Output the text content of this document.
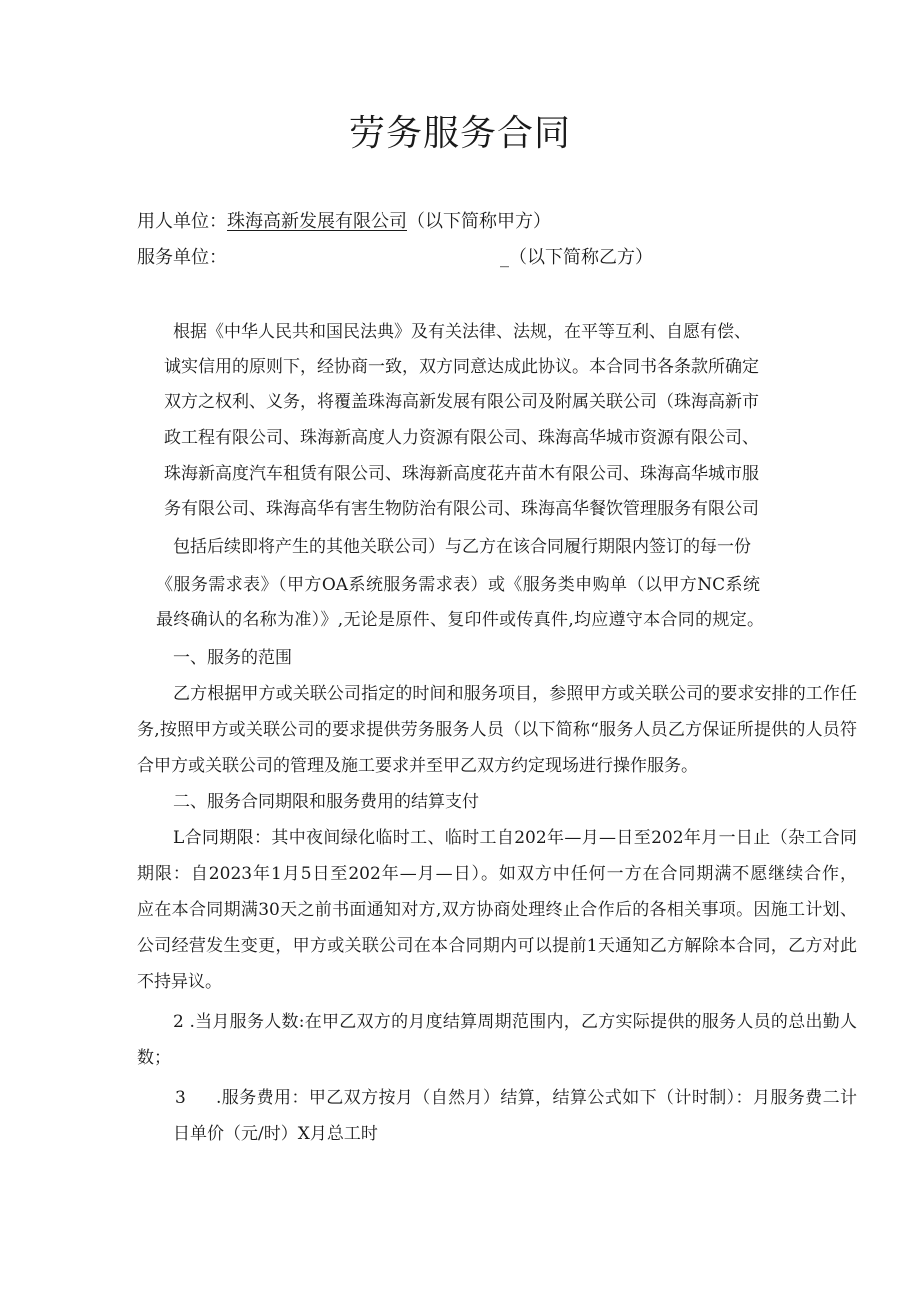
劳务服务合同
用人单位：珠海高新发展有限公司（以下简称甲方）
服务单位：	_（以下简称乙方）
根据《中华人民共和国民法典》及有关法律、法规，在平等互利、自愿有偿、
诚实信用的原则下，经协商一致，双方同意达成此协议。本合同书各条款所确定
双方之权利、义务，将覆盖珠海高新发展有限公司及附属关联公司（珠海高新市
政工程有限公司、珠海新高度人力资源有限公司、珠海高华城市资源有限公司、
珠海新高度汽车租赁有限公司、珠海新高度花卉苗木有限公司、珠海高华城市服
务有限公司、珠海高华有害生物防治有限公司、珠海高华餐饮管理服务有限公司
包括后续即将产生的其他关联公司）与乙方在该合同履行期限内签订的每一份
《服务需求表》（甲方OA系统服务需求表）或《服务类申购单（以甲方NC系统
最终确认的名称为准）》,无论是原件、复印件或传真件,均应遵守本合同的规定。
一、服务的范围
乙方根据甲方或关联公司指定的时间和服务项目，参照甲方或关联公司的要求安排的工作任
务,按照甲方或关联公司的要求提供劳务服务人员（以下简称“服务人员乙方保证所提供的人员符
合甲方或关联公司的管理及施工要求并至甲乙双方约定现场进行操作服务。
二、服务合同期限和服务费用的结算支付
L合同期限：其中夜间绿化临时工、临时工自202年—月—日至202年月一日止（杂工合同
期限：自2023年1月5日至202年—月—日）。如双方中任何一方在合同期满不愿继续合作，
应在本合同期满30天之前书面通知对方,双方协商处理终止合作后的各相关事项。因施工计划、
公司经营发生变更，甲方或关联公司在本合同期内可以提前1天通知乙方解除本合同，乙方对此
不持异议。
2 .当月服务人数:在甲乙双方的月度结算周期范围内，乙方实际提供的服务人员的总出勤人
数；
3 .服务费用：甲乙双方按月（自然月）结算，结算公式如下（计时制）：月服务费二计
日单价（元/时）X月总工时
